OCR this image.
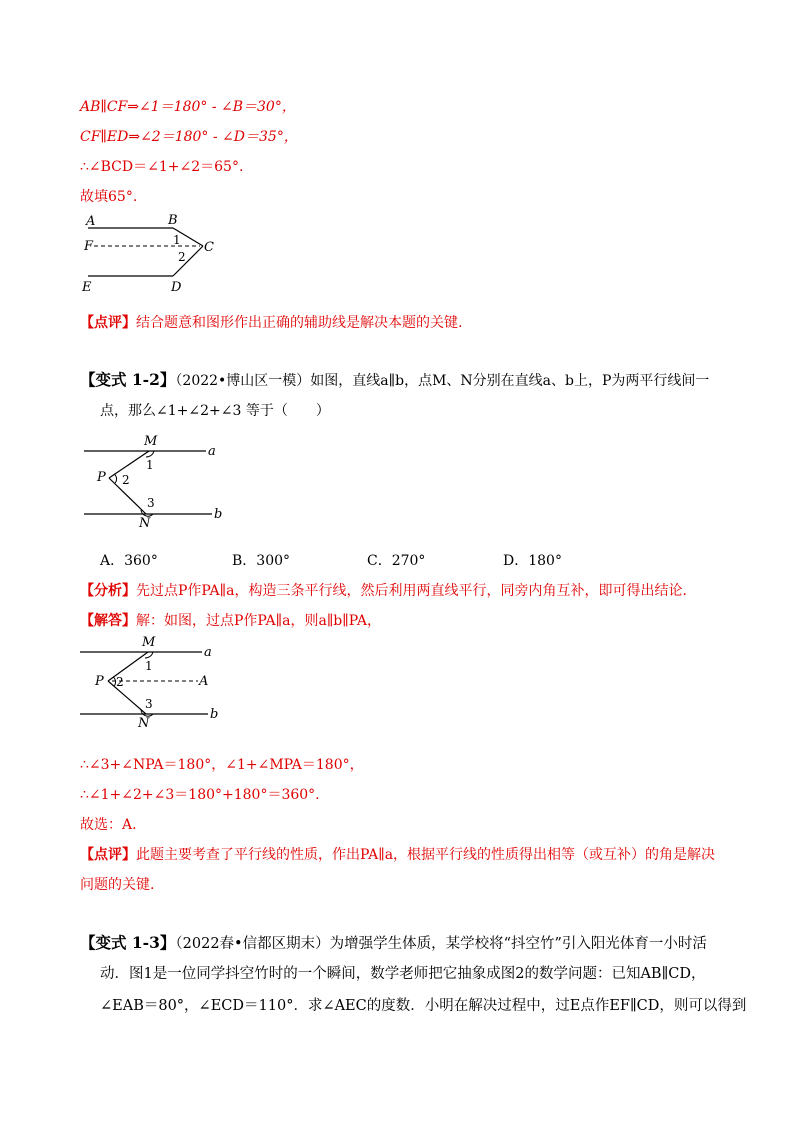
AB∥CF⇒∠1＝180° - ∠B＝30°，
CF∥ED⇒∠2＝180° - ∠D＝35°，
∴∠BCD＝∠1+∠2＝65°.
故填65°.
A	B
F	C
E	D
1
2
【点评】结合题意和图形作出正确的辅助线是解决本题的关键.
【变式 1-2】（2022•博山区一模）如图，直线a∥b，点M、N分别在直线a、b上，P为两平行线间一
点，那么∠1+∠2+∠3 等于（　　）
M
a
1
P 2
3
N
b
A．360°	B．300°	C．270°	D．180°
【分析】先过点P作PA∥a，构造三条平行线，然后利用两直线平行，同旁内角互补，即可得出结论.
【解答】解：如图，过点P作PA∥a，则a∥b∥PA，
M
a
1
P 2	A
3
N
b
∴∠3+∠NPA＝180°，∠1+∠MPA＝180°，
∴∠1+∠2+∠3＝180°+180°＝360°.
故选：A.
【点评】此题主要考查了平行线的性质，作出PA∥a，根据平行线的性质得出相等（或互补）的角是解决
问题的关键.
【变式 1-3】（2022春•信都区期末）为增强学生体质，某学校将“抖空竹”引入阳光体育一小时活
动．图1是一位同学抖空竹时的一个瞬间，数学老师把它抽象成图2的数学问题：已知AB∥CD，
∠EAB＝80°，∠ECD＝110°．求∠AEC的度数．小明在解决过程中，过E点作EF∥CD，则可以得到
